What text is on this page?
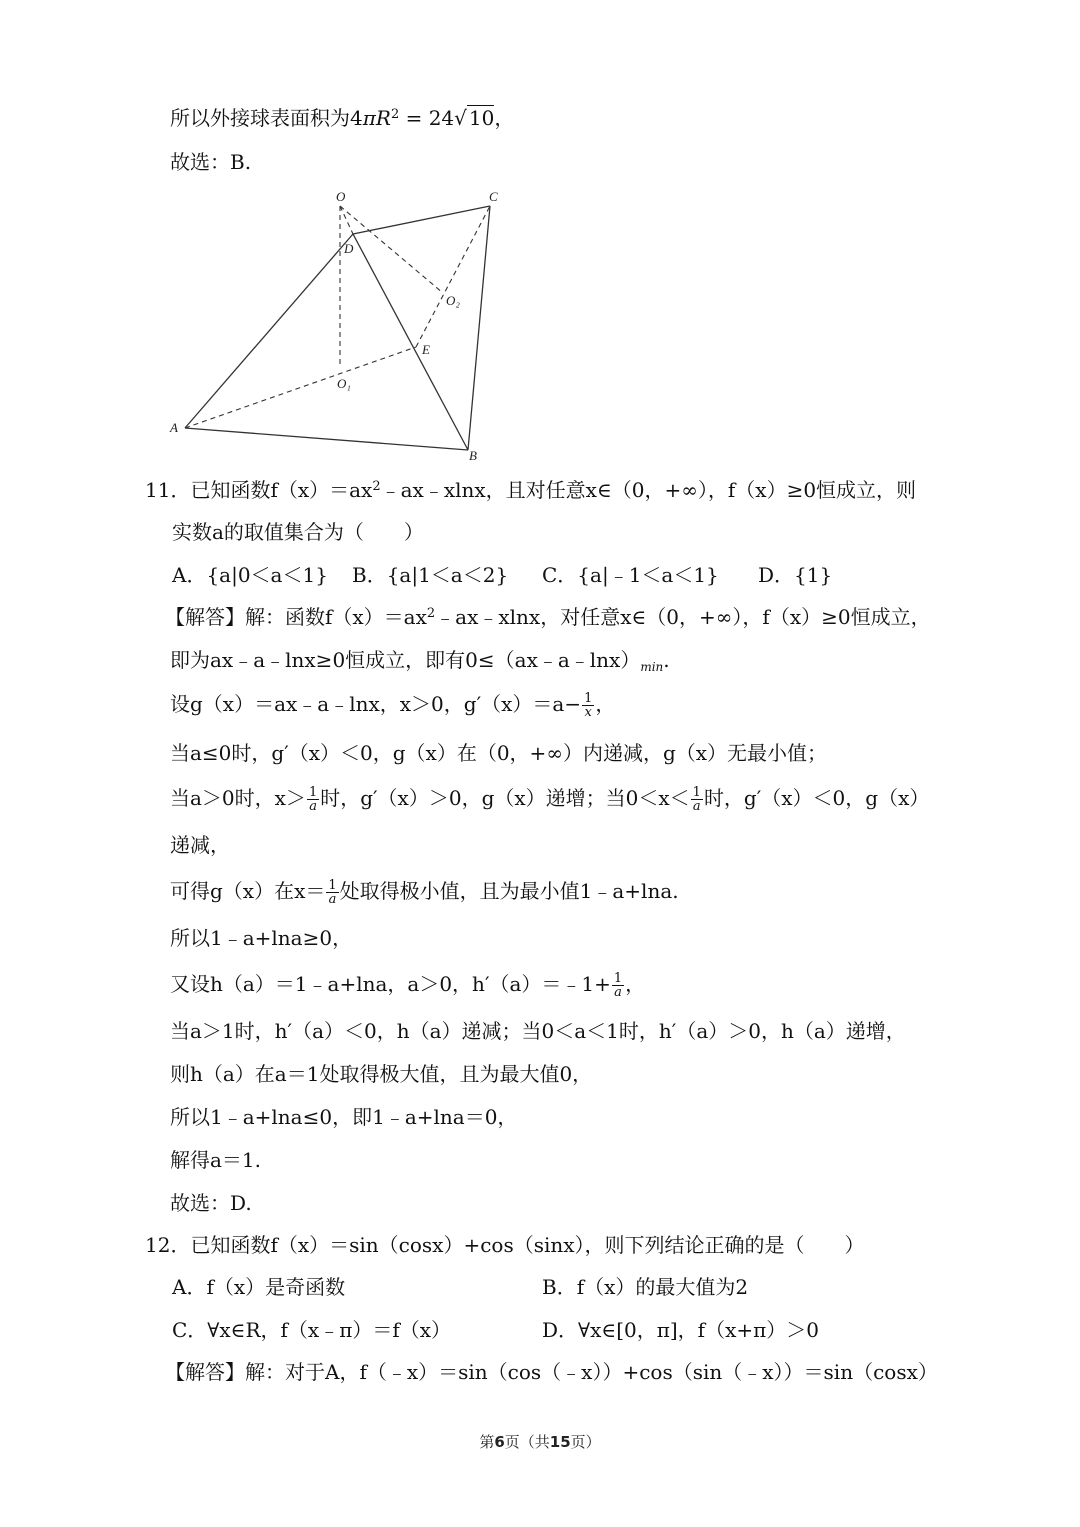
所以外接球表面积为$4\pi R^2 = 24√$ 10，
故选：B.
O	C
D
O₂
E
O₁
A
B
11．已知函数$f(x)=ax^2﹣ax﹣xlnx$，且对任意x∈（0，+∞），f（x）≥0恒成立，则
实数a的取值集合为（　　）
A．{a|0＜a＜1} B．{a|1＜a＜2} C．{a|﹣1＜a＜1} D．{1}
【解答】解：函数$f(x)=ax^2﹣ax﹣xlnx$，对任意x∈（0，+∞），f（x）≥0恒成立，
即为ax﹣a﹣lnx≥0恒成立，即有$0\le(ax﹣a﹣\ln x)_{min}$.
设g（x）＝ax﹣a﹣lnx，x＞0，$g'(x)=a- \frac{1}{x}$ ，
当a≤0时，g′（x）＜0，g（x）在（0，+∞）内递减，g（x）无最小值；
当a＞0时，$x> \frac{1}{a}$ 时，g′（x）＞0，g（x）递增；当$0<x< \frac{1}{a}$ 时，g′（x）＜0，g（x）
递减，
可得g（x）在$x= \frac{1}{a}$ 处取得极小值，且为最小值1﹣a+lna.
所以1﹣a+lna≥0，
又设h（a）＝1﹣a+lna，a＞0，h′（a）＝﹣1+ $\frac{1}{a}$ ，
当a＞1时，h′（a）＜0，h（a）递减；当0＜a＜1时，h′（a）＞0，h（a）递增，
则h（a）在a＝1处取得极大值，且为最大值0，
所以1﹣a+lna≤0，即1﹣a+lna＝0，
解得a＝1.
故选：D.
12．已知函数f（x）＝sin（cosx）+cos（sinx），则下列结论正确的是（　　）
A．f（x）是奇函数	B．f（x）的最大值为2
C．∀x∈R，f（x﹣π）＝f（x）	D．∀x∈[0，π]，f（x+π）＞0
【解答】解：对于A，f（﹣x）＝sin（cos（﹣x））+cos（sin（﹣x））＝sin（cosx）
第6页（共15页）
